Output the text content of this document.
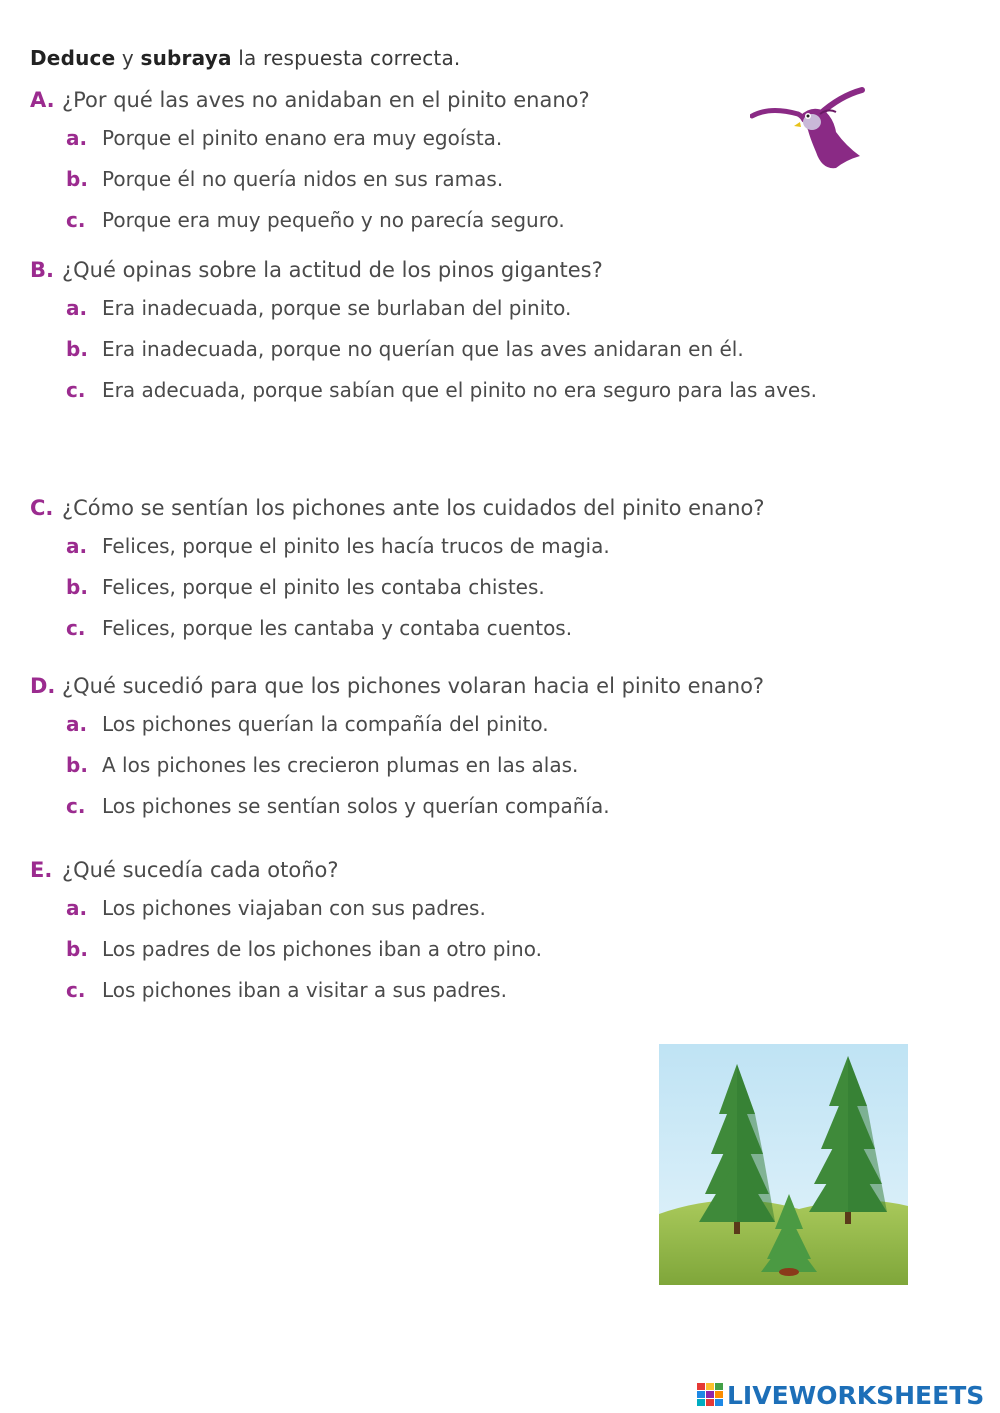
Deduce y subraya la respuesta correcta.
A. ¿Por qué las aves no anidaban en el pinito enano?
a. Porque el pinito enano era muy egoísta.
b. Porque él no quería nidos en sus ramas.
c. Porque era muy pequeño y no parecía seguro.
B. ¿Qué opinas sobre la actitud de los pinos gigantes?
a. Era inadecuada, porque se burlaban del pinito.
b. Era inadecuada, porque no querían que las aves anidaran en él.
c. Era adecuada, porque sabían que el pinito no era seguro para las aves.
C. ¿Cómo se sentían los pichones ante los cuidados del pinito enano?
a. Felices, porque el pinito les hacía trucos de magia.
b. Felices, porque el pinito les contaba chistes.
c. Felices, porque les cantaba y contaba cuentos.
D. ¿Qué sucedió para que los pichones volaran hacia el pinito enano?
a. Los pichones querían la compañía del pinito.
b. A los pichones les crecieron plumas en las alas.
c. Los pichones se sentían solos y querían compañía.
E. ¿Qué sucedía cada otoño?
a. Los pichones viajaban con sus padres.
b. Los padres de los pichones iban a otro pino.
c. Los pichones iban a visitar a sus padres.
LIVEWORKSHEETS
